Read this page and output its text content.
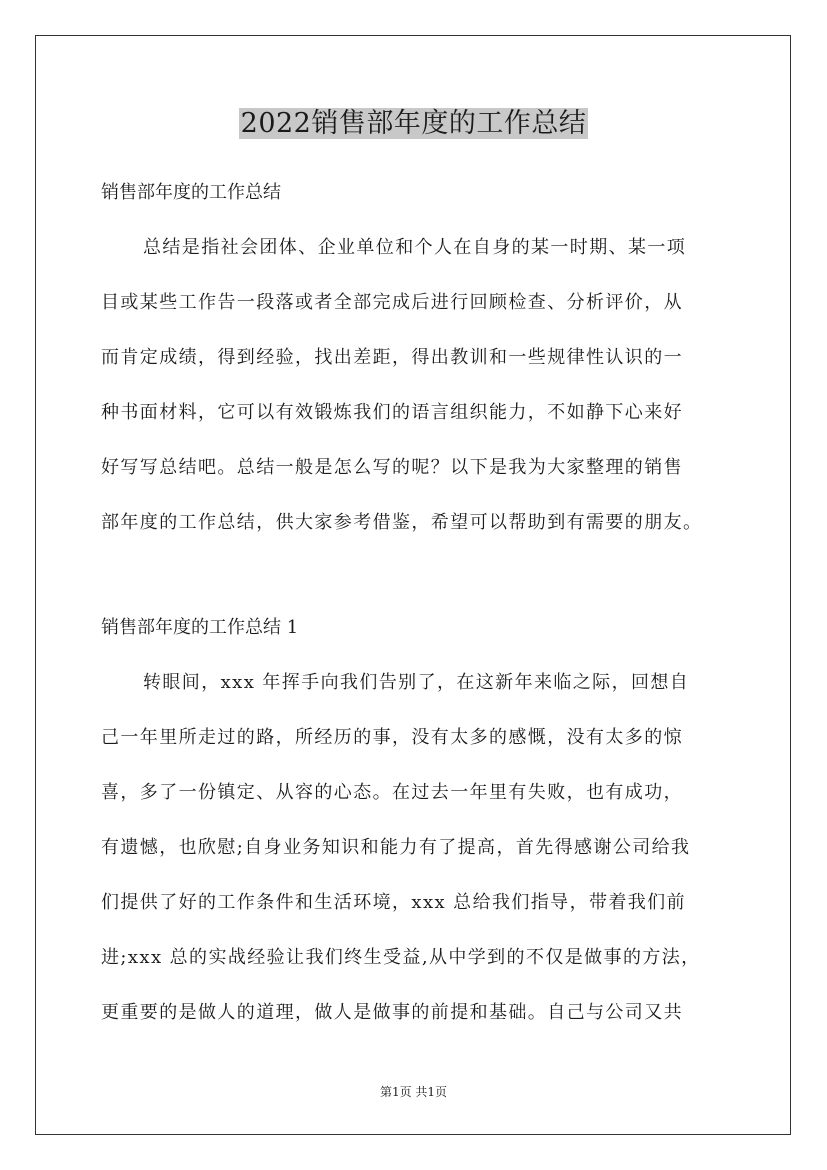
2022销售部年度的工作总结
销售部年度的工作总结
总结是指社会团体、企业单位和个人在自身的某一时期、某一项
目或某些工作告一段落或者全部完成后进行回顾检查、分析评价，从
而肯定成绩，得到经验，找出差距，得出教训和一些规律性认识的一
种书面材料，它可以有效锻炼我们的语言组织能力，不如静下心来好
好写写总结吧。总结一般是怎么写的呢？以下是我为大家整理的销售
部年度的工作总结，供大家参考借鉴，希望可以帮助到有需要的朋友。
销售部年度的工作总结 1
转眼间，xxx 年挥手向我们告别了，在这新年来临之际，回想自
己一年里所走过的路，所经历的事，没有太多的感慨，没有太多的惊
喜，多了一份镇定、从容的心态。在过去一年里有失败，也有成功，
有遗憾，也欣慰;自身业务知识和能力有了提高，首先得感谢公司给我
们提供了好的工作条件和生活环境，xxx 总给我们指导，带着我们前
进;xxx 总的实战经验让我们终生受益,从中学到的不仅是做事的方法，
更重要的是做人的道理，做人是做事的前提和基础。自己与公司又共
第1页 共1页
